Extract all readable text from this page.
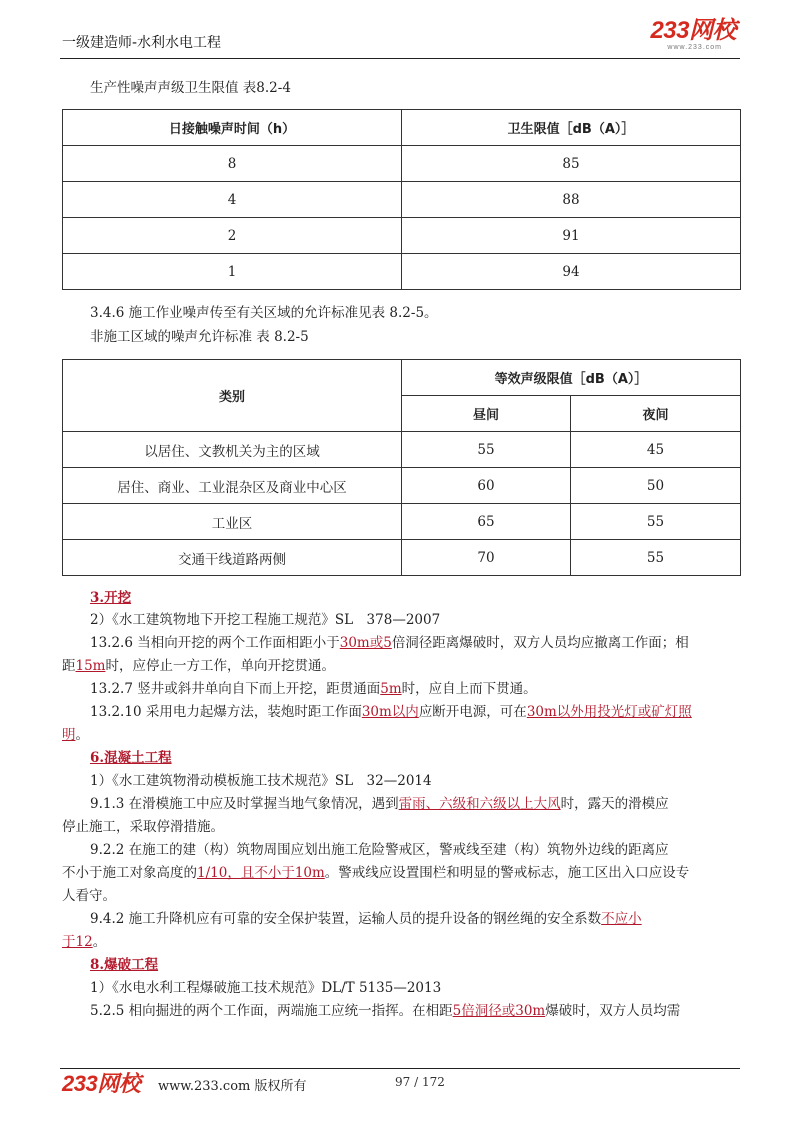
一级建造师-水利水电工程	233网校
www.233.com
生产性噪声声级卫生限值 表8.2-4
日接触噪声时间（h）	卫生限值［dB（A）］
8	85
4	88
2	91
1	94
3.4.6 施工作业噪声传至有关区域的允许标准见表 8.2-5。
非施工区域的噪声允许标准 表 8.2-5
类别	等效声级限值［dB（A）］	
	昼间	夜间
以居住、文教机关为主的区域	55	45
居住、商业、工业混杂区及商业中心区	60	50
工业区	65	55
交通干线道路两侧	70	55
3.开挖
2）《水工建筑物地下开挖工程施工规范》SL　378—2007
13.2.6 当相向开挖的两个工作面相距小于30m或5倍洞径距离爆破时，双方人员均应撤离工作面；相
距15m时，应停止一方工作，单向开挖贯通。
13.2.7 竖井或斜井单向自下而上开挖，距贯通面5m时，应自上而下贯通。
13.2.10 采用电力起爆方法，装炮时距工作面30m以内应断开电源，可在30m以外用投光灯或矿灯照
明。
6.混凝土工程
1）《水工建筑物滑动模板施工技术规范》SL　32—2014
9.1.3 在滑模施工中应及时掌握当地气象情况，遇到雷雨、六级和六级以上大风时，露天的滑模应
停止施工，采取停滑措施。
9.2.2 在施工的建（构）筑物周围应划出施工危险警戒区，警戒线至建（构）筑物外边线的距离应
不小于施工对象高度的1/10，且不小于10m。警戒线应设置围栏和明显的警戒标志，施工区出入口应设专
人看守。
9.4.2 施工升降机应有可靠的安全保护装置，运输人员的提升设备的钢丝绳的安全系数不应小
于12。
8.爆破工程
1）《水电水利工程爆破施工技术规范》DL/T 5135—2013
5.2.5 相向掘进的两个工作面，两端施工应统一指挥。在相距5倍洞径或30m爆破时，双方人员均需
233网校 www.233.com 版权所有	97 / 172
